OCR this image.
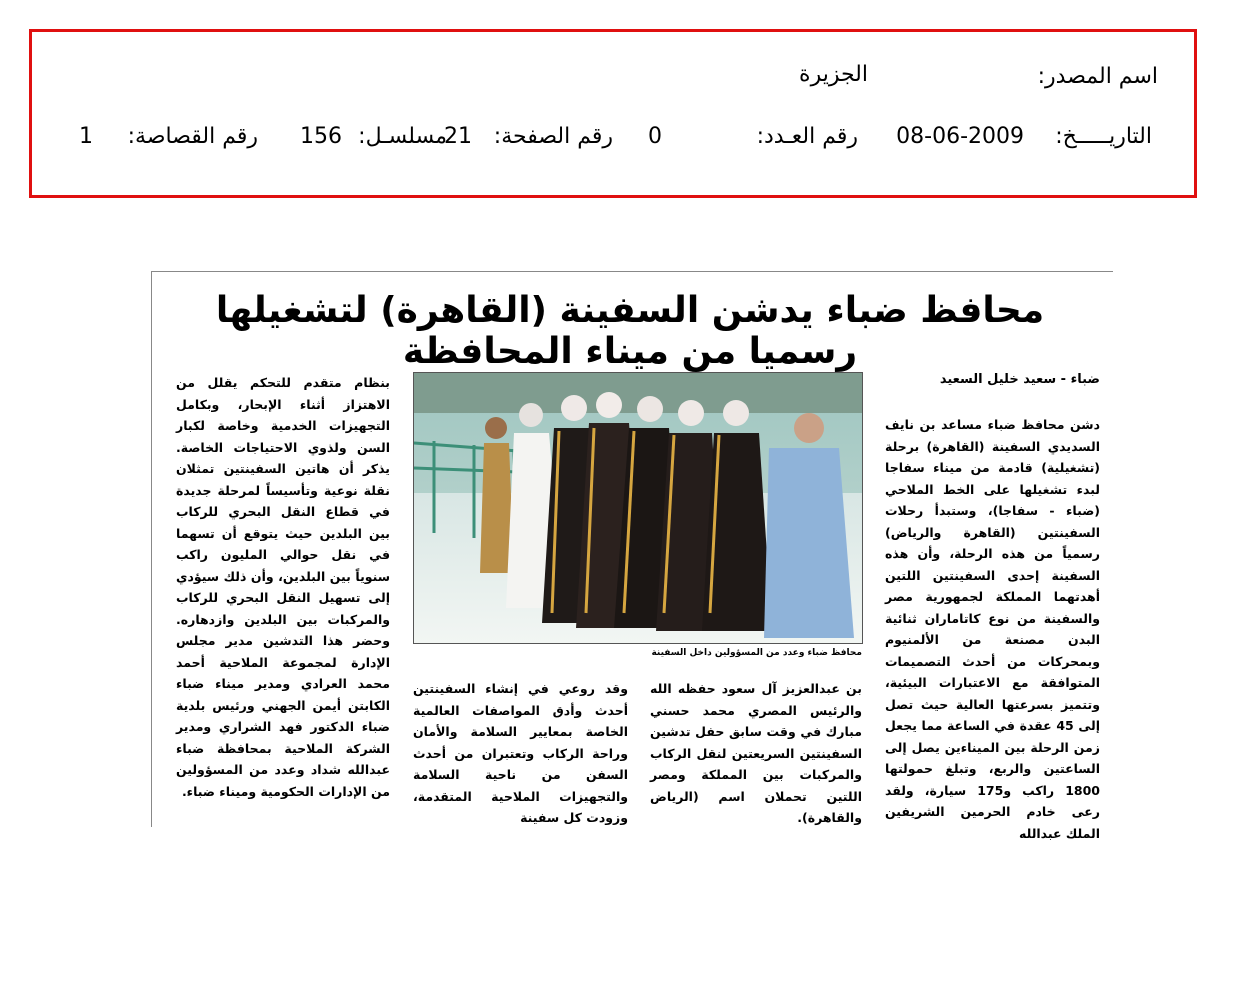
اسم المصدر:
الجزيرة
التاريـــــخ:
08-06-2009
رقم العـدد:
0
رقم الصفحة:
21
مسلسـل:
156
رقم القصاصة:
1
محافظ ضباء يدشن السفينة (القاهرة) لتشغيلها رسميا من ميناء المحافظة
ضباء - سعيد خليل السعيد
دشن محافظ ضباء مساعد بن نايف السديدي السفينة (القاهرة) برحلة (تشغيلية) قادمة من ميناء سفاجا لبدء تشغيلها على الخط الملاحي (ضباء - سفاجا)، وستبدأ رحلات السفينتين (القاهرة والرياض) رسمياً من هذه الرحلة، وأن هذه السفينة إحدى السفينتين اللتين أهدتهما المملكة لجمهورية مصر والسفينة من نوع كاتاماران ثنائية البدن مصنعة من الألمنيوم وبمحركات من أحدث التصميمات المتوافقة مع الاعتبارات البيئية، وتتميز بسرعتها العالية حيث تصل إلى 45 عقدة في الساعة مما يجعل زمن الرحلة بين الميناءين يصل إلى الساعتين والربع، وتبلغ حمولتها 1800 راكب و175 سيارة، ولقد رعى خادم الحرمين الشريفين الملك عبدالله
بن عبدالعزيز آل سعود حفظه الله والرئيس المصري محمد حسني مبارك في وقت سابق حفل تدشين السفينتين السريعتين لنقل الركاب والمركبات بين المملكة ومصر اللتين تحملان اسم (الرياض والقاهرة).
وقد روعي في إنشاء السفينتين أحدث وأدق المواصفات العالمية الخاصة بمعايير السلامة والأمان وراحة الركاب وتعتبران من أحدث السفن من ناحية السلامة والتجهيزات الملاحية المتقدمة، وزودت كل سفينة
بنظام متقدم للتحكم يقلل من الاهتزاز أثناء الإبحار، وبكامل التجهيزات الخدمية وخاصة لكبار السن ولذوي الاحتياجات الخاصة. يذكر أن هاتين السفينتين تمثلان نقلة نوعية وتأسيساً لمرحلة جديدة في قطاع النقل البحري للركاب بين البلدين حيث يتوقع أن تسهما في نقل حوالي المليون راكب سنوياً بين البلدين، وأن ذلك سيؤدي إلى تسهيل النقل البحري للركاب والمركبات بين البلدين وازدهاره. وحضر هذا التدشين مدير مجلس الإدارة لمجموعة الملاحية أحمد محمد العرادي ومدير ميناء ضباء الكابتن أيمن الجهني ورئيس بلدية ضباء الدكتور فهد الشراري ومدير الشركة الملاحية بمحافظة ضباء عبدالله شداد وعدد من المسؤولين من الإدارات الحكومية وميناء ضباء.
محافظ ضباء وعدد من المسؤولين داخل السفينة
